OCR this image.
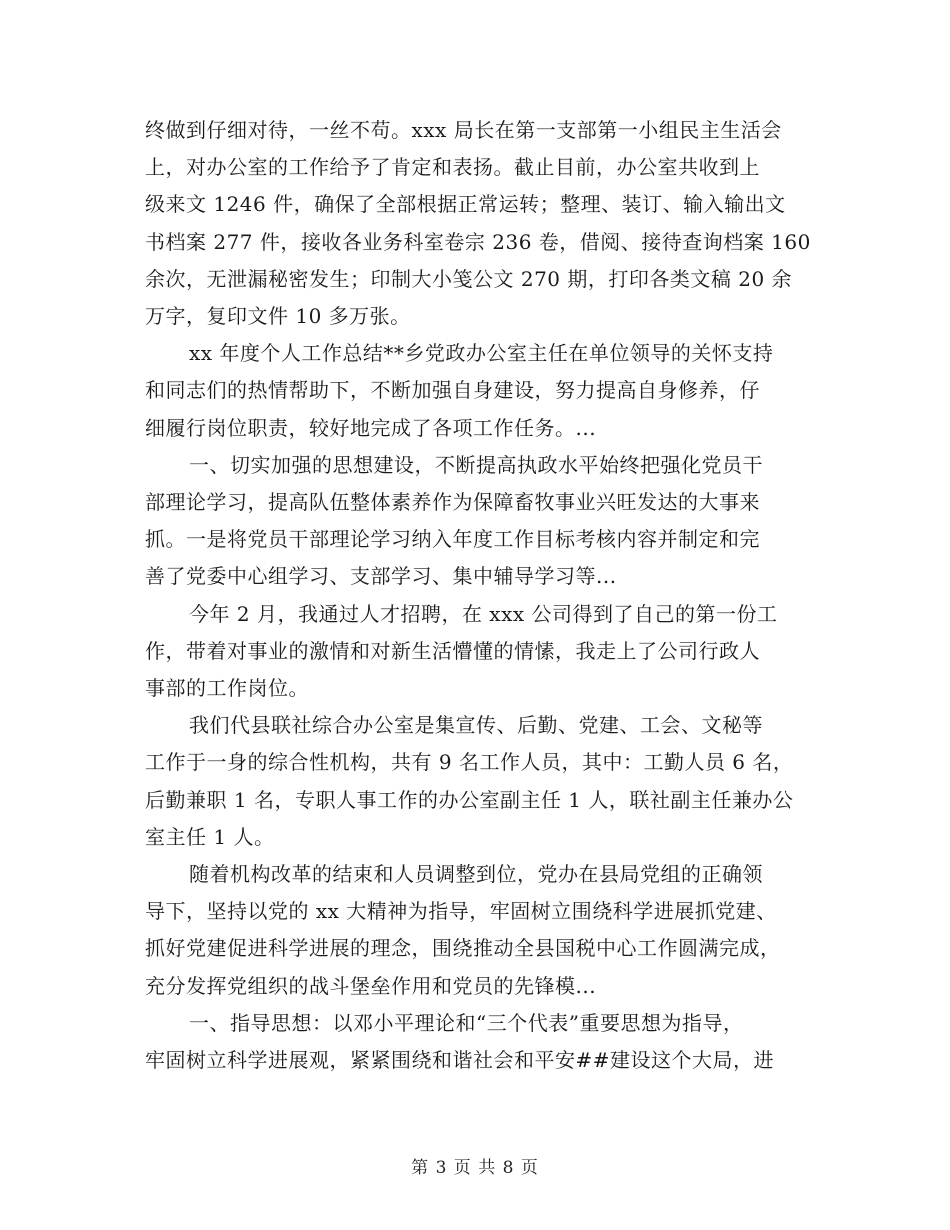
终做到仔细对待，一丝不苟。xxx 局长在第一支部第一小组民主生活会
上，对办公室的工作给予了肯定和表扬。截止目前，办公室共收到上
级来文 1246 件，确保了全部根据正常运转；整理、装订、输入输出文
书档案 277 件，接收各业务科室卷宗 236 卷，借阅、接待查询档案 160
余次，无泄漏秘密发生；印制大小笺公文 270 期，打印各类文稿 20 余
万字，复印文件 10 多万张。

xx 年度个人工作总结**乡党政办公室主任在单位领导的关怀支持
和同志们的热情帮助下，不断加强自身建设，努力提高自身修养，仔
细履行岗位职责，较好地完成了各项工作任务。...

一、切实加强的思想建设，不断提高执政水平始终把强化党员干
部理论学习，提高队伍整体素养作为保障畜牧事业兴旺发达的大事来
抓。一是将党员干部理论学习纳入年度工作目标考核内容并制定和完
善了党委中心组学习、支部学习、集中辅导学习等...

今年 2 月，我通过人才招聘，在 xxx 公司得到了自己的第一份工
作，带着对事业的激情和对新生活懵懂的情愫，我走上了公司行政人
事部的工作岗位。

我们代县联社综合办公室是集宣传、后勤、党建、工会、文秘等
工作于一身的综合性机构，共有 9 名工作人员，其中：工勤人员 6 名，
后勤兼职 1 名，专职人事工作的办公室副主任 1 人，联社副主任兼办公
室主任 1 人。

随着机构改革的结束和人员调整到位，党办在县局党组的正确领
导下，坚持以党的 xx 大精神为指导，牢固树立围绕科学进展抓党建、
抓好党建促进科学进展的理念，围绕推动全县国税中心工作圆满完成，
充分发挥党组织的战斗堡垒作用和党员的先锋模...

一、指导思想：以邓小平理论和“三个代表”重要思想为指导，
牢固树立科学进展观，紧紧围绕和谐社会和平安##建设这个大局，进

第 3 页 共 8 页
